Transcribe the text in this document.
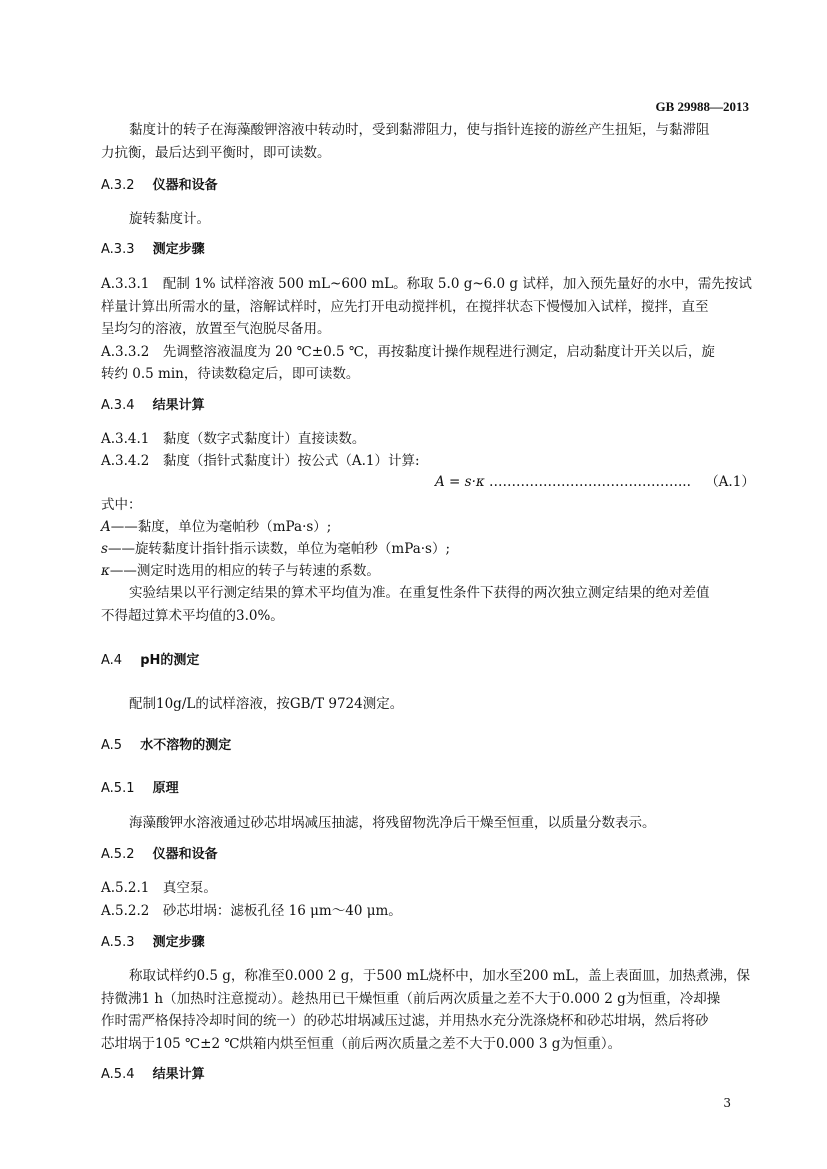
GB 29988—2013
黏度计的转子在海藻酸钾溶液中转动时，受到黏滞阻力，使与指针连接的游丝产生扭矩，与黏滞阻
力抗衡，最后达到平衡时，即可读数。
A.3.2 仪器和设备
旋转黏度计。
A.3.3 测定步骤
A.3.3.1　配制 1% 试样溶液 500 mL~600 mL。称取 5.0 g~6.0 g 试样，加入预先量好的水中，需先按试
样量计算出所需水的量，溶解试样时，应先打开电动搅拌机，在搅拌状态下慢慢加入试样，搅拌，直至
呈均匀的溶液，放置至气泡脱尽备用。
A.3.3.2　先调整溶液温度为 20 ℃±0.5 ℃，再按黏度计操作规程进行测定，启动黏度计开关以后，旋
转约 0.5 min，待读数稳定后，即可读数。
A.3.4 结果计算
A.3.4.1　黏度（数字式黏度计）直接读数。
A.3.4.2　黏度（指针式黏度计）按公式（A.1）计算:
A = s·κ ……………………………………... （A.1）
式中：
A——黏度，单位为毫帕秒（mPa·s）;
s——旋转黏度计指针指示读数，单位为毫帕秒（mPa·s）;
κ——测定时选用的相应的转子与转速的系数。
实验结果以平行测定结果的算术平均值为准。在重复性条件下获得的两次独立测定结果的绝对差值
不得超过算术平均值的3.0%。
A.4 pH的测定
配制10g/L的试样溶液，按GB/T 9724测定。
A.5 水不溶物的测定
A.5.1 原理
海藻酸钾水溶液通过砂芯坩埚减压抽滤，将残留物洗净后干燥至恒重，以质量分数表示。
A.5.2 仪器和设备
A.5.2.1　真空泵。
A.5.2.2　砂芯坩埚：滤板孔径 16 μm～40 μm。
A.5.3 测定步骤
称取试样约0.5 g，称准至0.000 2 g，于500 mL烧杯中，加水至200 mL，盖上表面皿，加热煮沸，保
持微沸1 h（加热时注意搅动）。趁热用已干燥恒重（前后两次质量之差不大于0.000 2 g为恒重，冷却操
作时需严格保持冷却时间的统一）的砂芯坩埚减压过滤，并用热水充分洗涤烧杯和砂芯坩埚，然后将砂
芯坩埚于105 ℃±2 ℃烘箱内烘至恒重（前后两次质量之差不大于0.000 3 g为恒重）。
A.5.4 结果计算
3
